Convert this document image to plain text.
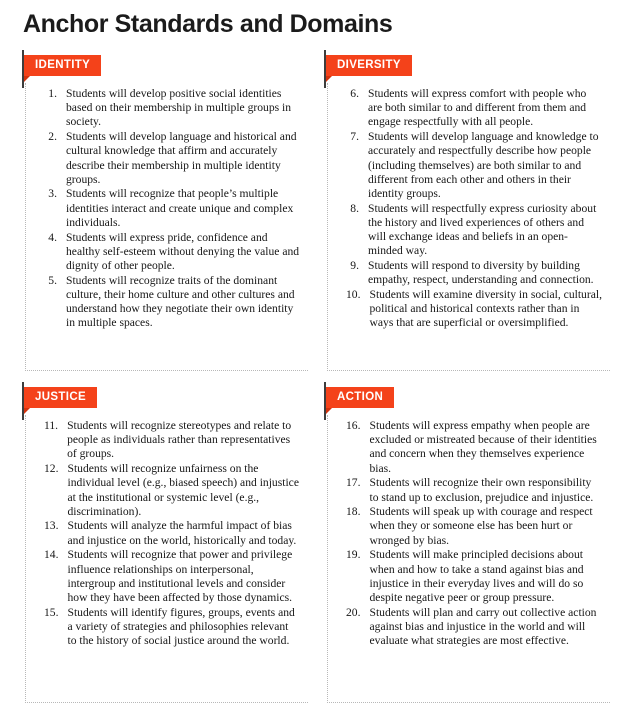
Anchor Standards and Domains
IDENTITY
1. Students will develop positive social identities based on their membership in multiple groups in society.
2. Students will develop language and historical and cultural knowledge that affirm and accurately describe their membership in multiple identity groups.
3. Students will recognize that people’s multiple identities interact and create unique and complex individuals.
4. Students will express pride, confidence and healthy self-esteem without denying the value and dignity of other people.
5. Students will recognize traits of the dominant culture, their home culture and other cultures and understand how they negotiate their own identity in multiple spaces.
DIVERSITY
6. Students will express comfort with people who are both similar to and different from them and engage respectfully with all people.
7. Students will develop language and knowledge to accurately and respectfully describe how people (including themselves) are both similar to and different from each other and others in their identity groups.
8. Students will respectfully express curiosity about the history and lived experiences of others and will exchange ideas and beliefs in an open-minded way.
9. Students will respond to diversity by building empathy, respect, understanding and connection.
10. Students will examine diversity in social, cultural, political and historical contexts rather than in ways that are superficial or oversimplified.
JUSTICE
11. Students will recognize stereotypes and relate to people as individuals rather than representatives of groups.
12. Students will recognize unfairness on the individual level (e.g., biased speech) and injustice at the institutional or systemic level (e.g., discrimination).
13. Students will analyze the harmful impact of bias and injustice on the world, historically and today.
14. Students will recognize that power and privilege influence relationships on interpersonal, intergroup and institutional levels and consider how they have been affected by those dynamics.
15. Students will identify figures, groups, events and a variety of strategies and philosophies relevant to the history of social justice around the world.
ACTION
16. Students will express empathy when people are excluded or mistreated because of their identities and concern when they themselves experience bias.
17. Students will recognize their own responsibility to stand up to exclusion, prejudice and injustice.
18. Students will speak up with courage and respect when they or someone else has been hurt or wronged by bias.
19. Students will make principled decisions about when and how to take a stand against bias and injustice in their everyday lives and will do so despite negative peer or group pressure.
20. Students will plan and carry out collective action against bias and injustice in the world and will evaluate what strategies are most effective.
